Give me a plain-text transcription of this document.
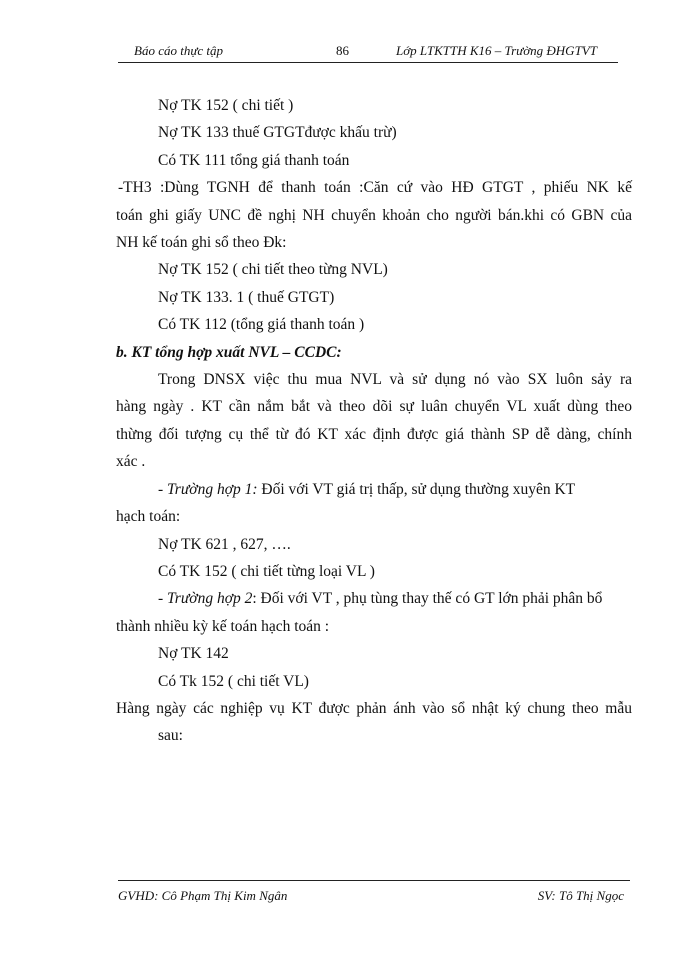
Báo cáo thực tập	86	Lớp LTKTTH K16 – Trường ĐHGTVT
Nợ TK 152 ( chi tiết )
Nợ TK 133 thuế GTGTđược khấu trừ)
Có TK 111 tổng giá thanh toán
-TH3 :Dùng TGNH để thanh toán :Căn cứ vào HĐ GTGT , phiếu NK kế
toán ghi giấy UNC đề nghị NH chuyển khoản cho người bán.khi có GBN của
NH kế toán ghi sổ theo Đk:
Nợ TK 152 ( chi tiết theo từng NVL)
Nợ TK 133. 1 ( thuế GTGT)
Có TK 112 (tổng giá thanh toán )
b. KT tổng hợp xuất NVL – CCDC:
Trong DNSX việc thu mua NVL và sử dụng nó vào SX luôn sảy ra
hàng ngày . KT cần nắm bắt và theo dõi sự luân chuyển VL xuất dùng theo
thừng đối tượng cụ thể từ đó KT xác định được giá thành SP dễ dàng, chính
xác .
- Trường hợp 1: Đối với VT giá trị thấp, sử dụng thường xuyên KT
hạch toán:
Nợ TK 621 , 627, ….
Có TK 152 ( chi tiết từng loại VL )
- Trường hợp 2: Đối với VT , phụ tùng thay thế có GT lớn phải phân bổ
thành nhiều kỳ kế toán hạch toán :
Nợ TK 142
Có Tk 152 ( chi tiết VL)
Hàng ngày các nghiệp vụ KT được phản ánh vào sổ nhật ký chung theo mẫu
sau:
GVHD: Cô Phạm Thị Kim Ngân	SV: Tô Thị Ngọc
